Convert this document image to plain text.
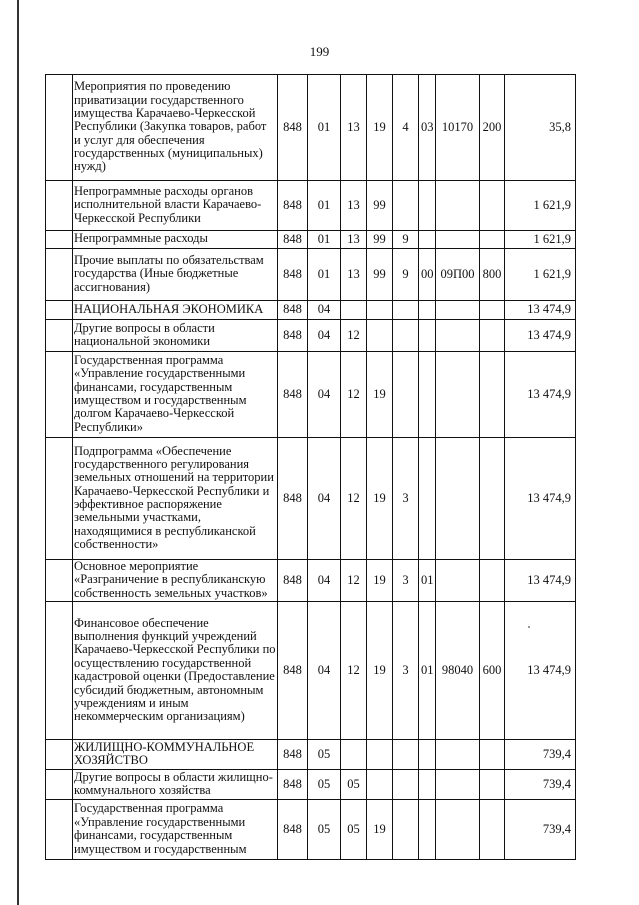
199
	Мероприятия по проведению приватизации государственного имущества Карачаево-Черкесской Республики (Закупка товаров, работ и услуг для обеспечения государственных (муниципальных) нужд)	848	01	13	19	4	03	10170	200	35,8
	Непрограммные расходы органов исполнительной власти Карачаево-Черкесской Республики	848	01	13	99					1 621,9
	Непрограммные расходы	848	01	13	99	9				1 621,9
	Прочие выплаты по обязательствам государства (Иные бюджетные ассигнования)	848	01	13	99	9	00	09П00	800	1 621,9
	НАЦИОНАЛЬНАЯ ЭКОНОМИКА	848	04							13 474,9
	Другие вопросы в области национальной экономики	848	04	12						13 474,9
	Государственная программа «Управление государственными финансами, государственным имуществом и государственным долгом Карачаево-Черкесской Республики»	848	04	12	19					13 474,9
	Подпрограмма «Обеспечение государственного регулирования земельных отношений на территории Карачаево-Черкесской Республики и эффективное распоряжение земельными участками, находящимися в республиканской собственности»	848	04	12	19	3				13 474,9
	Основное мероприятие «Разграничение в республиканскую собственность земельных участков»	848	04	12	19	3	01			13 474,9
	Финансовое обеспечение выполнения функций учреждений Карачаево-Черкесской Республики по осуществлению государственной кадастровой оценки (Предоставление субсидий бюджетным, автономным учреждениям и иным некоммерческим организациям)	848	04	12	19	3	01	98040	600	13 474,9
	ЖИЛИЩНО-КОММУНАЛЬНОЕ ХОЗЯЙСТВО	848	05							739,4
	Другие вопросы в области жилищно-коммунального хозяйства	848	05	05						739,4
	Государственная программа «Управление государственными финансами, государственным имуществом и государственным	848	05	05	19					739,4
